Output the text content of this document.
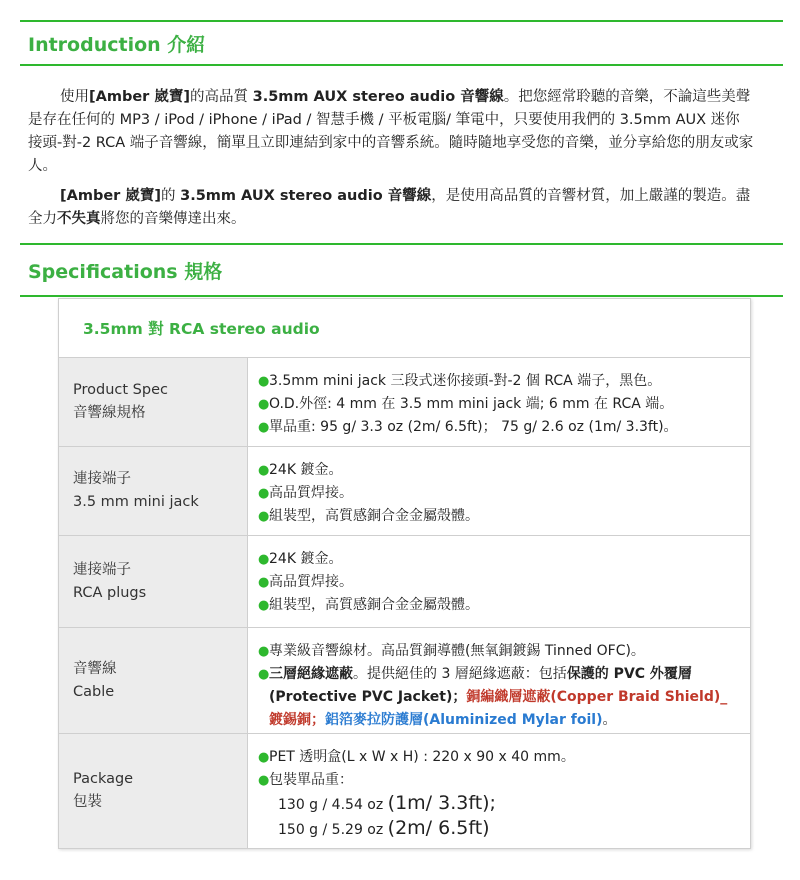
Introduction 介紹

使用[Amber 崴寶]的高品質 3.5mm AUX stereo audio 音響線。把您經常聆聽的音樂，不論這些美聲是存在任何的 MP3 / iPod / iPhone / iPad / 智慧手機 / 平板電腦/ 筆電中，只要使用我們的 3.5mm AUX 迷你接頭-對-2 RCA 端子音響線，簡單且立即連結到家中的音響系統。隨時隨地享受您的音樂，並分享給您的朋友或家人。

[Amber 崴寶]的 3.5mm AUX stereo audio 音響線，是使用高品質的音響材質，加上嚴謹的製造。盡全力不失真將您的音樂傳達出來。

Specifications 規格
3.5mm 對 RCA stereo audio
Product Spec
音響線規格
● 3.5mm mini jack 三段式迷你接頭-對-2 個 RCA 端子，黑色。
● O.D.外徑: 4 mm 在 3.5 mm mini jack 端; 6 mm 在 RCA 端。
● 單品重: 95 g/ 3.3 oz (2m/ 6.5ft)； 75 g/ 2.6 oz (1m/ 3.3ft)。
連接端子
3.5 mm mini jack
● 24K 鍍金。
● 高品質焊接。
● 組裝型，高質感銅合金金屬殼體。
連接端子
RCA plugs
● 24K 鍍金。
● 高品質焊接。
● 組裝型，高質感銅合金金屬殼體。
音響線
Cable
● 專業級音響線材。高品質銅導體(無氧銅鍍錫 Tinned OFC)。
● 三層絕緣遮蔽。提供絕佳的 3 層絕緣遮蔽：包括保護的 PVC 外覆層 (Protective PVC Jacket)；銅編織層遮蔽(Copper Braid Shield)_鍍錫銅；鋁箔麥拉防護層(Aluminized Mylar foil)。
Package
包裝
● PET 透明盒(L x W x H) : 220 x 90 x 40 mm。
● 包裝單品重：
130 g / 4.54 oz (1m/ 3.3ft);
150 g / 5.29 oz (2m/ 6.5ft)
